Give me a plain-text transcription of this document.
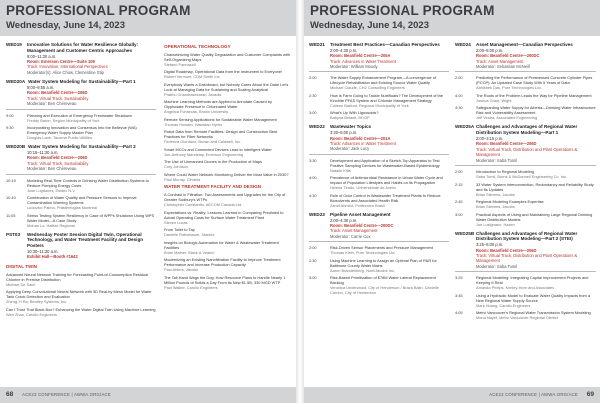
PROFESSIONAL PROGRAM
Wednesday, June 14, 2023
WED19	Innovative Solutions for Water Resilience Globally: Management and Customer Centric Approaches
9:00–11:30 a.m.
Room: Emerson Centre—Suite 109
Track: Innovation, International Perspectives
Moderator(s): Alice Chow, Clementine Stip
WED20A Water System Modeling for Sustainability—Part 1
9:00–9:55 a.m.
Room: Beanfield Centre—206D
Track: Virtual Track, Sustainability
Moderator: Ben Chéreveau
9:00	Planning and Execution of Emergency Freshwater Shutdown
Freddy Baron, Region Municipality of York
9:30	Incorporating Innovation and Consensus Into the Bellevue (WA) Emergency Water Supply Master Plan
Douglas Lane, Tacoma Public Utilities
WED20B Water System Modeling for Sustainability—Part 2
10:15–11:30 a.m.
Room: Beanfield Centre—206D
Track: Virtual Track, Sustainability
Moderator: Ben Chéreveau
10:15	Modeling Real-Time Controls in Drinking Water Distribution Systems to Reduce Pumping Energy Costs
Jose Lugdanes, Esidex N.V.
10:40	Combination of Water Quality and Pressure Sensors to Improve Contamination Warning Systems
Ludovico Palma, Prästenfoglas Montreal
11:05	Stress Testing System Resiliency in Case of WPPs Shutdown Using WPS Water Model—A Case Study
Mohan Lo, Halifax Regional
PST03	Wednesday Poster Session Digital Twin, Operational Technology, and Water Treatment Facility and Design Posters
10:30–11:30 a.m.
Exhibit Hall—Booth #1642
DIGITAL TWIN
Advanced Neural Network Training for Forecasting Point-of-Consumption Residual Chlorine in Premise Distribution
Michael De Sacri
Applying Deep Convolutional Neural Network with 3D Real-by Mesh Model for Water Tank Crack Detection and Evaluation
Zheng-Yi Ra, Bentley Systems, Inc.
Can I Trust That Black Box? Enhancing the Water Digital Twin Using Machine Learning
Wen Zhao, Carollo Engineers
OPERATIONAL TECHNOLOGY
Characterizing Water Quality Degradation and Customer Complaints with Self-Organizing Maps
Stefano Pannasoli
Digital Roadmap, Operational Data from the Instrument to Everyone!
Robert Vermont, CDM Smith Inc.
Everybody Wants a Dashboard, but Nobody Cares About the Data! Let's Look at Managing Data for Sustaining and Scaling Analytical
Prabhu Chandrasekaran, Arcadis
Machine Learning Methods are Applied to Annotate Caused by Glyphosate Presence in Chlorinated Water
Angelica Fonsecas, Brown University
Remote Sensing Applications for Sustainable Water Management
Thomas Howard, Hawaiian Hydro
Robot Data from Remote Facilities: Design and Construction Best Practices for Fiber Networks
Federica Giordano, Brown and Caldwell, Inc.
Smart MCCs and Connected Devices Lead to Intelligent Water
Jon-Anthony Mandelay, Emerson Engineering
The Use of Unmanned Drones in the Production of Maps
Cory Johnson
Where Could Water Network Monitoring Deliver the Most Value in 2030?
Paul Murray, Cimbria
WATER TREATMENT FACILITY AND DESIGN
A Contrast in Filtration: Two Assessments and Upgrades for the City of Greater Sudbury's WTPs
Christopher Constantin, AECOM Canada Ltd.
Expectations vs. Reality: Lessons Learned in Comparing Predicted to Actual Operating Costs for Surface Water Treatment Plant
Steven Lucas
From Toilet to Tap
Danielle Rothebaum, Stantec
Insights on Biologic Automation for Water & Wastewater Treatment Facilities
Brian Mather, Black & Veatch
Modernizing an Existing Nanofiltration Facility to Improve Treatment Performance and Increase Production Capacity
Paul Ahlers, Jacobs
The Tall Hand Wags the Dog: How Resource Plans to Handle Nearly 1 Million Pounds of Solids a Day From its New $1.5B, 330 MGD WTP
Paul Walker, Carollo Engineers
68 ACE23 CONFERENCE | AWWA.ORG/ACE
PROFESSIONAL PROGRAM
Wednesday, June 14, 2023
WED21	Treatment Best Practices—Canadian Perspectives
2:00–4:30 p.m.
Room: Beanfield Centre—205A
Track: Advances in Water Treatment
Moderator: William Moody
2:00	The Water Supply Enhancement Program—A convergence of Lifecycle Rehabilitation and Existing Source Water Quality
Michael Claude, CH2 Consulting Engineers
2:30	How is Farm Going to Tackle Nutrifloats? The Development of the Kinohite PFAS System and Chloride Management Strategy
Colleen Barfoot, Regional Municipality of York
3:00	What's Up With Lignosoids?
Babyna Belanti, BOOP
WED22	Wastewater Topics
3:30–5:00 p.m.
Room: Beanfield Centre—201A
Track: Advances in Water Treatment
Moderator: Jack Lucy
3:30	Development and Application of a Sketch-Top Apparatus to Test Positive Sampling Devices for Wastewater-Based Epidemiology
Natalie Kitts
4:00	Prevalence of Antimicrobial Resistance in Urban Water Cycle and Impact of Population Lifestyles and Habits on its Propagation
Helena Tirado, Universidade de Aveiro
4:30	Role of Odor Control in Wastewater Treatment Plants to Reduce Biosolvents and Associated Health Risk
Zahid Ahmed, Politecnico Brasil
WED23	Pipeline Asset Management
2:00–4:30 p.m.
Room: Beanfield Centre—200DC
Track: Asset Management
Moderator: Carrie Cox
2:00	Risk-Driven Sensor Placements and Pressure Management
Thomas Klein, Pure Technologies Ltd.
2:30	Using Machine Learning to Assign an Optimal Plan of R&R for Baltimore County Water Mains
Aaron Brandenberg, Noel/Jacobs Inc.
3:00	Risk-Based Prioritization of $78M Water Lateral Replacement Backlog
Veronica Underwood, City of Henderson / Busra Balin, Danielle Carrión, City of Henderson
WED24	Asset Management—Canadian Perspectives
2:00–5:00 p.m.
Room: Beanfield Centre—200DC
Track: Asset Management
Moderator: Sebastian McNeill
2:00	Predicting the Performance of Prestressed Concrete Cylinder Pipes (PCCP): An Updated Case Study With 5 Years of Data
Abhishek Das, Pure Technologies Ltd.
4:00	The Roots of the Problem Leads the Way for Pipeline Management
Joshua Grant, Wight
4:30	Safeguarding Water Supply for Alberta—Drinking Water Infrastructure Risk and Vulnerability Assessment
Jeff Vestra, Associated Engineering
WED25A Challenges and Advantages of Regional Water Distribution System Modeling—Part 1
2:00–3:15 p.m.
Room: Beanfield Centre—206D
Track: Virtual Track, Distribution and Plant Operations & Management
Moderator: Saba Tomil
2:00	Introduction to Regional Modeling
Saba Tomil, Burns & McDonnell Engineering Co. Inc.
2:15	33 Water System Interconnection, Redundancy and Reliability Study and Its Updates
Brian Stevens, Jacobs
2:45	Regional Modeling Examples Expertise
Brian Stevens, Jacobs
3:00	Practical Aspects of Using and Maintaining Large Regional Drinking Water Distribution Models
Joe Lusignano, Hazen
WED25B Challenges and Advantages of Regional Water Distribution System Modeling—Part 2 (STEI)
3:25–5:00 p.m.
Room: Beanfield Centre—206D
Track: Virtual Track, Distribution and Plant Operations & Management
Moderator: Saba Tomil
3:25	Regional Modeling: Integrating Capital Improvement Projects and Keeping It Real
Amanda Phelps, Kimley-Horn and Associates
3:45	Using a Hydraulic Model to Evaluate Water Quality Impacts from a New Regional Water Supply Source
Mark Huang, Carollo Engineers
4:05	Metro Vancouver's Regional Water Transmission System Modeling
Mona Nayef, Metro Vancouver Regional District
ACE23 CONFERENCE | AWWA.ORG/ACE 69
